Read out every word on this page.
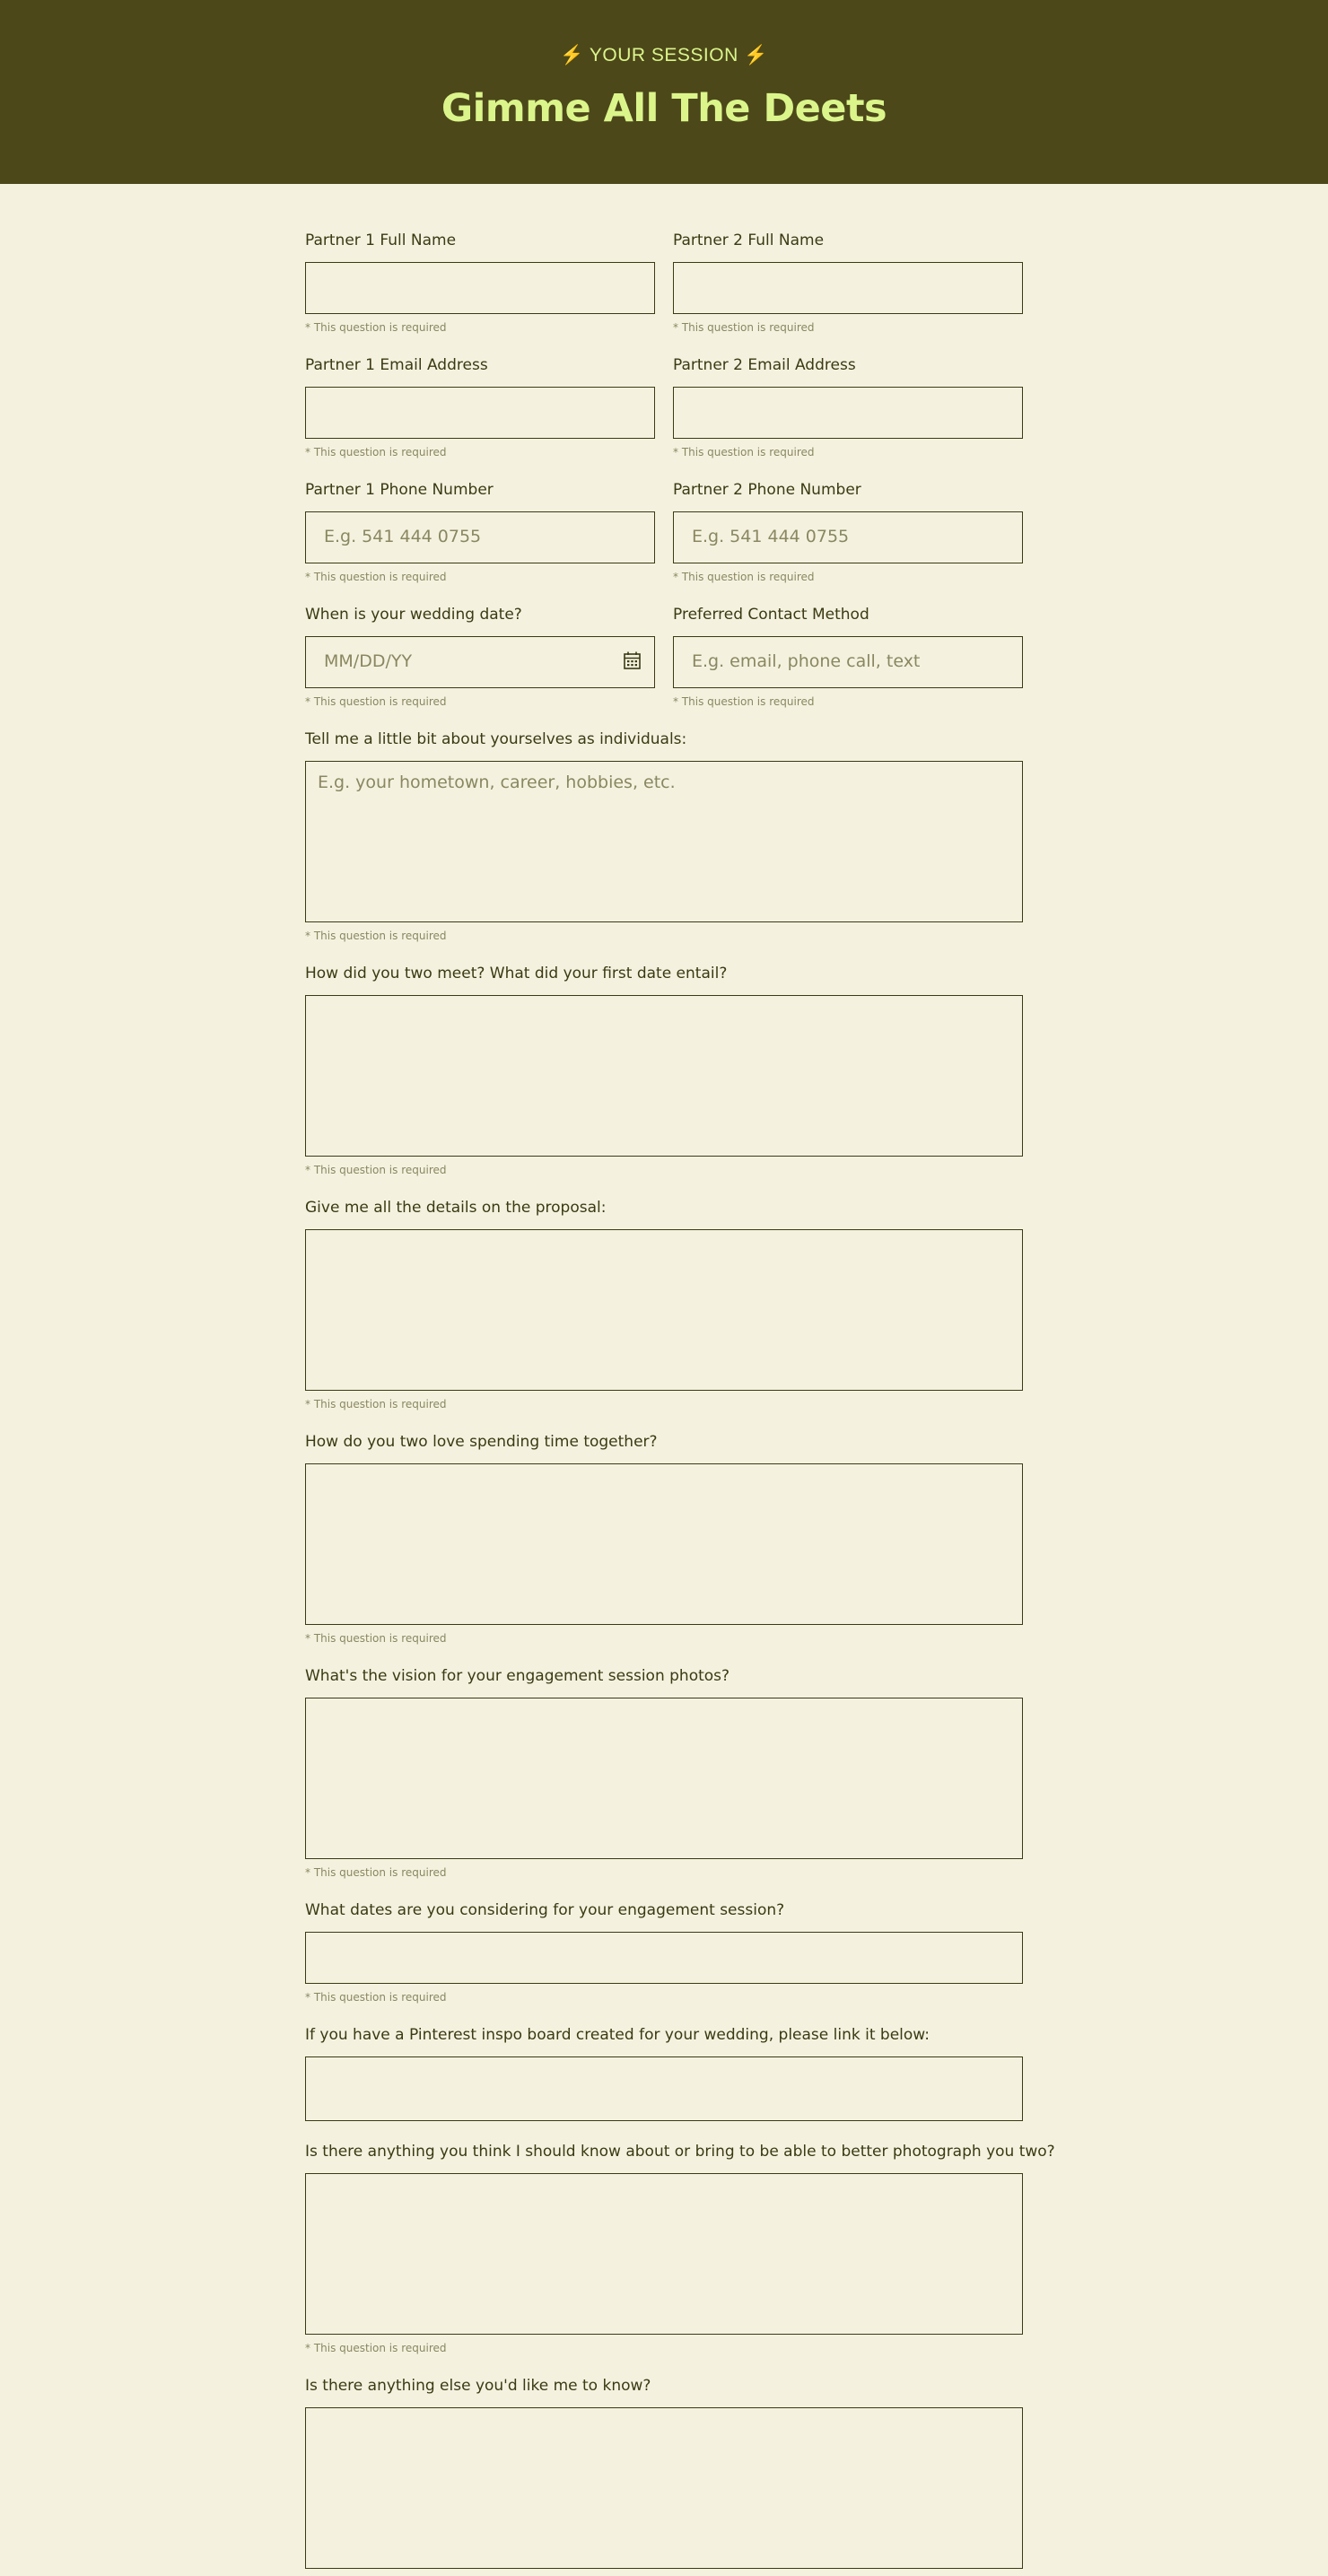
⚡ YOUR SESSION ⚡
Gimme All The Deets
Partner 1 Full Name
* This question is required
Partner 2 Full Name
* This question is required
Partner 1 Email Address
* This question is required
Partner 2 Email Address
* This question is required
Partner 1 Phone Number
E.g. 541 444 0755
* This question is required
Partner 2 Phone Number
E.g. 541 444 0755
* This question is required
When is your wedding date?
MM/DD/YY
* This question is required
Preferred Contact Method
E.g. email, phone call, text
* This question is required
Tell me a little bit about yourselves as individuals:
E.g. your hometown, career, hobbies, etc.
* This question is required
How did you two meet? What did your first date entail?
* This question is required
Give me all the details on the proposal:
* This question is required
How do you two love spending time together?
* This question is required
What's the vision for your engagement session photos?
* This question is required
What dates are you considering for your engagement session?
* This question is required
If you have a Pinterest inspo board created for your wedding, please link it below:
Is there anything you think I should know about or bring to be able to better photograph you two?
* This question is required
Is there anything else you'd like me to know?
